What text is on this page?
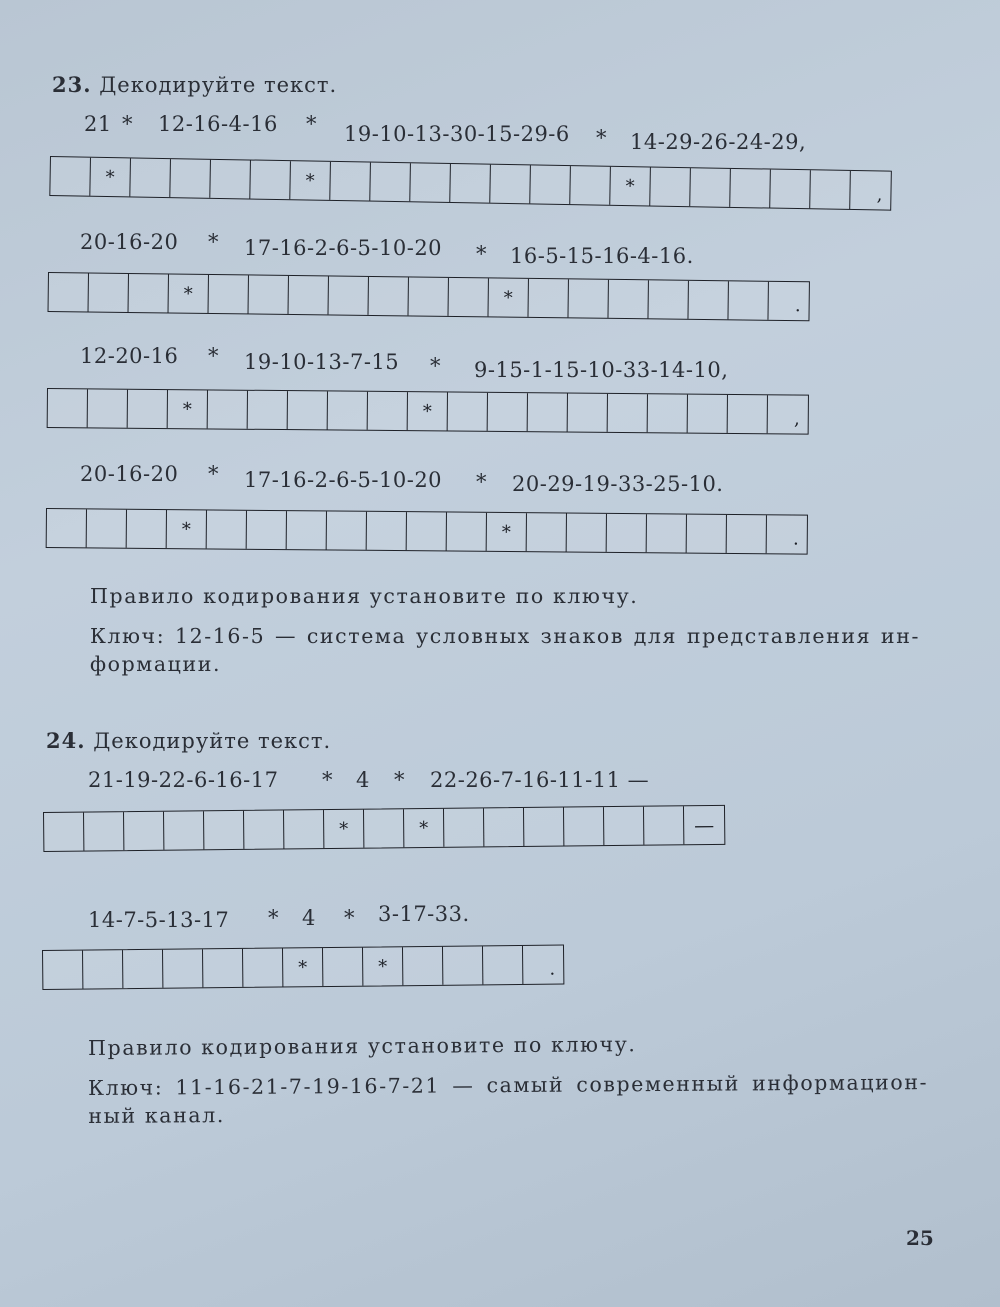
23. Декодируйте текст.
21 * 12-16-4-16 * 19-10-13-30-15-29-6 * 14-29-26-24-29,
*	*	*	,
20-16-20 * 17-16-2-6-5-10-20 * 16-5-15-16-4-16.
*	*	.
12-20-16 * 19-10-13-7-15 * 9-15-1-15-10-33-14-10,
*	*	,
20-16-20 * 17-16-2-6-5-10-20 * 20-29-19-33-25-10.
*	*	.
Правило кодирования установите по ключу.
Ключ: 12-16-5 — система условных знаков для представления ин-формации.
24. Декодируйте текст.
21-19-22-6-16-17 * 4 * 22-26-7-16-11-11 —
*	*	—
14-7-5-13-17 * 4 * 3-17-33.
*	*	.
Правило кодирования установите по ключу.
Ключ: 11-16-21-7-19-16-7-21 — самый современный информацион-ный канал.
25
